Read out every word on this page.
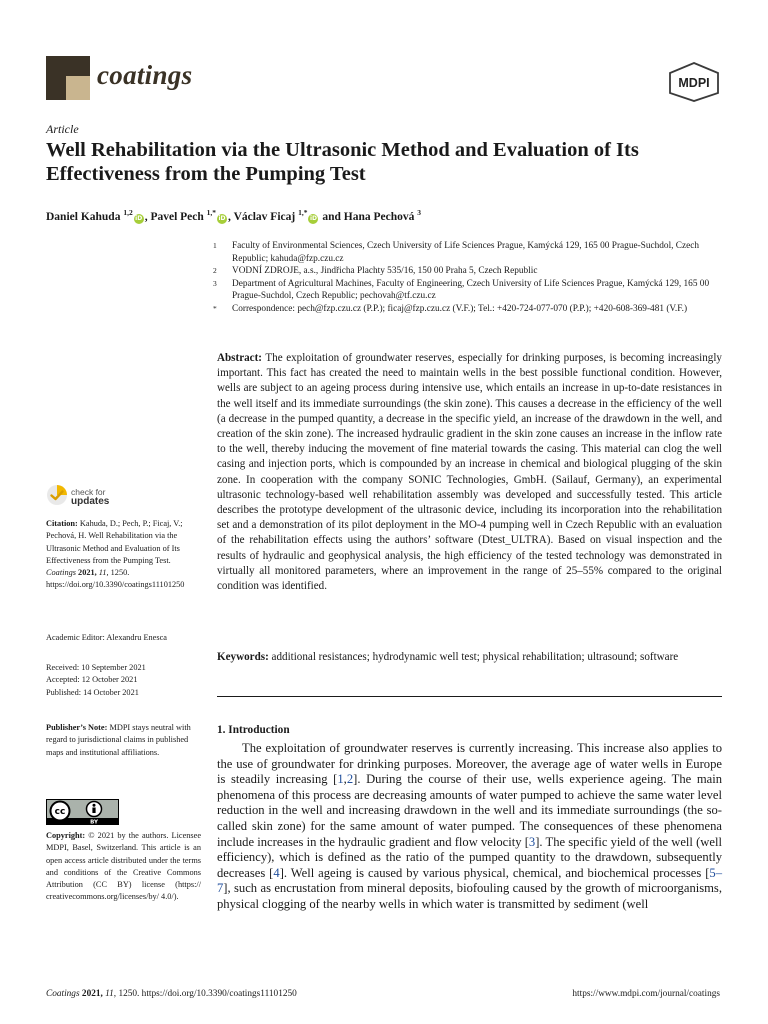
coatings	MDPI
Article
Well Rehabilitation via the Ultrasonic Method and Evaluation of Its Effectiveness from the Pumping Test
Daniel Kahuda $^{1,2}$iD , Pavel Pech $^{1,*}$iD , Václav Ficaj $^{1,*}$iD and Hana Pechová $^3$
1	Faculty of Environmental Sciences, Czech University of Life Sciences Prague, Kamýcká 129, 165 00 Prague-Suchdol, Czech Republic; kahuda@fzp.czu.cz
2	VODNÍ ZDROJE, a.s., Jindřicha Plachty 535/16, 150 00 Praha 5, Czech Republic
3	Department of Agricultural Machines, Faculty of Engineering, Czech University of Life Sciences Prague, Kamýcká 129, 165 00 Prague-Suchdol, Czech Republic; pechovah@tf.czu.cz
*	Correspondence: pech@fzp.czu.cz (P.P.); ficaj@fzp.czu.cz (V.F.); Tel.: +420-724-077-070 (P.P.); +420-608-369-481 (V.F.)
Abstract: The exploitation of groundwater reserves, especially for drinking purposes, is becoming increasingly important. This fact has created the need to maintain wells in the best possible functional condition. However, wells are subject to an ageing process during intensive use, which entails an increase in up-to-date resistances in the well itself and its immediate surroundings (the skin zone). This causes a decrease in the efficiency of the well (a decrease in the pumped quantity, a decrease in the specific yield, an increase of the drawdown in the well, and creation of the skin zone). The increased hydraulic gradient in the skin zone causes an increase in the inflow rate to the well, thereby inducing the movement of fine material towards the casing. This material can clog the well casing and injection ports, which is compounded by an increase in chemical and biological plugging of the skin zone. In cooperation with the company SONIC Technologies, GmbH. (Sailauf, Germany), an experimental ultrasonic technology-based well rehabilitation assembly was developed and successfully tested. This article describes the prototype development of the ultrasonic device, including its incorporation into the rehabilitation set and a demonstration of its pilot deployment in the MO-4 pumping well in Czech Republic with an evaluation of the rehabilitation effects using the authors’ software (Dtest_ULTRA). Based on visual inspection and the results of hydraulic and geophysical analysis, the high efficiency of the tested technology was demonstrated in virtually all monitored parameters, where an improvement in the range of 25–55% compared to the original condition was identified.
Keywords: additional resistances; hydrodynamic well test; physical rehabilitation; ultrasound; software
check for
updates
Citation: Kahuda, D.; Pech, P.; Ficaj, V.; Pechová, H. Well Rehabilitation via the Ultrasonic Method and Evaluation of Its Effectiveness from the Pumping Test. Coatings 2021, 11, 1250. https://doi.org/10.3390/coatings11101250
Academic Editor: Alexandru Enesca
Received: 10 September 2021
Accepted: 12 October 2021
Published: 14 October 2021
Publisher’s Note: MDPI stays neutral with regard to jurisdictional claims in published maps and institutional affiliations.
cc
BY
Copyright: © 2021 by the authors. Licensee MDPI, Basel, Switzerland. This article is an open access article distributed under the terms and conditions of the Creative Commons Attribution (CC BY) license (https:// creativecommons.org/licenses/by/ 4.0/).
1. Introduction
The exploitation of groundwater reserves is currently increasing. This increase also applies to the use of groundwater for drinking purposes. Moreover, the average age of water wells in Europe is steadily increasing [1,2]. During the course of their use, wells experience ageing. The main phenomena of this process are decreasing amounts of water pumped to achieve the same water level reduction in the well and increasing drawdown in the well and its immediate surroundings (the so-called skin zone) for the same amount of water pumped. The consequences of these phenomena include increases in the hydraulic gradient and flow velocity [3]. The specific yield of the well (well efficiency), which is defined as the ratio of the pumped quantity to the drawdown, subsequently decreases [4]. Well ageing is caused by various physical, chemical, and biochemical processes [5–7], such as encrustation from mineral deposits, biofouling caused by the growth of microorganisms, physical clogging of the nearby wells in which water is transmitted by sediment (well
Coatings 2021, 11, 1250. https://doi.org/10.3390/coatings11101250	https://www.mdpi.com/journal/coatings
